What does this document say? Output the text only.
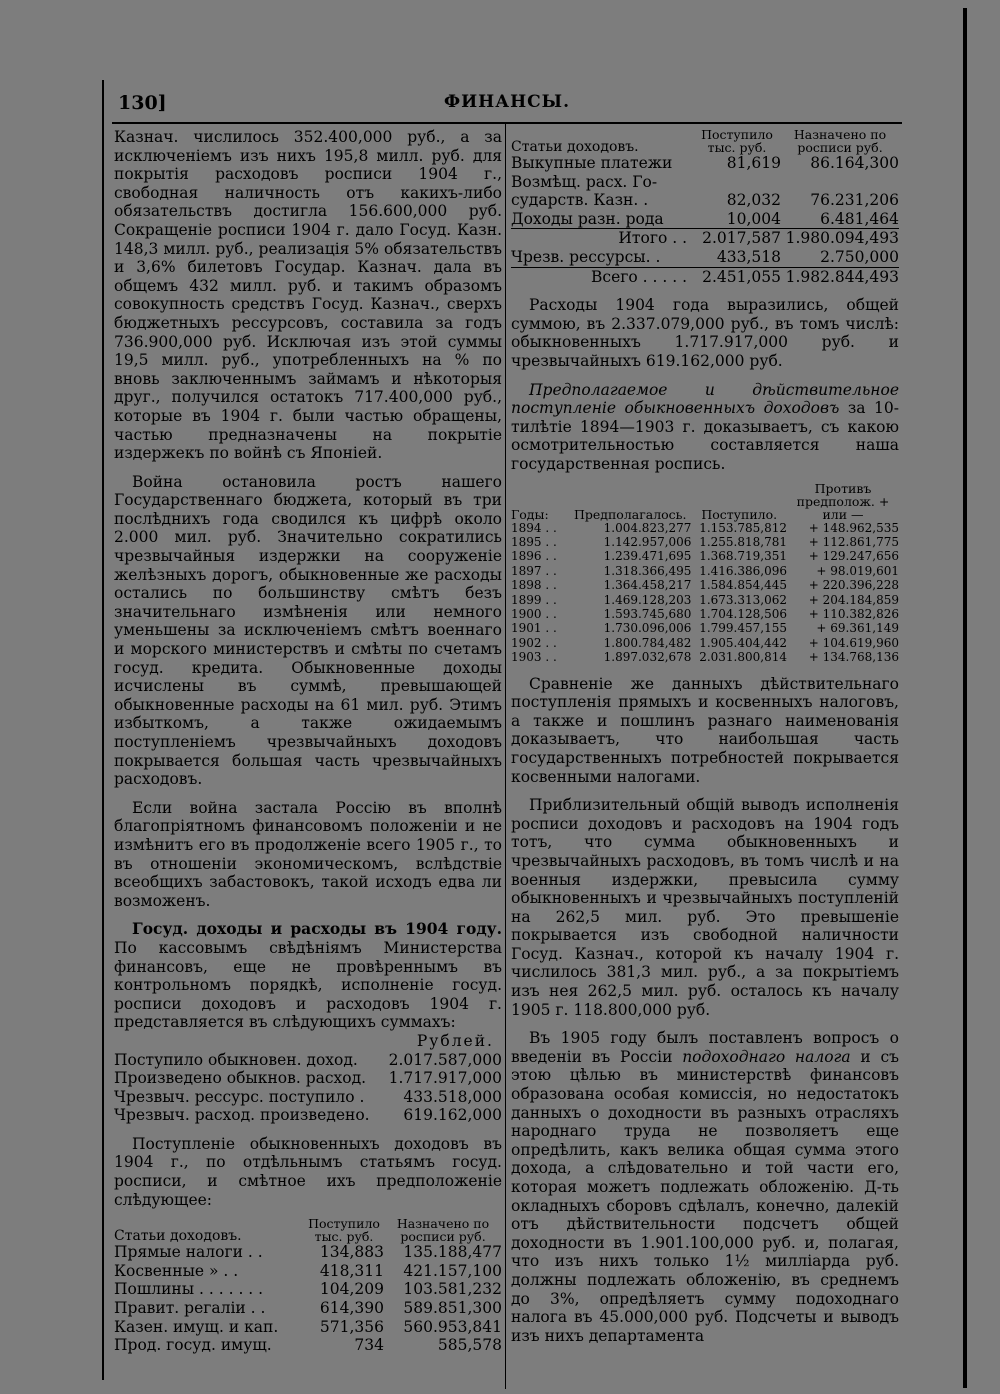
130]	ФИНАНСЫ.

Казнач. числилось 352.400,000 руб., а за исключеніемъ изъ нихъ 195,8 милл. руб. для покрытія расходовъ росписи 1904 г., свободная наличность отъ какихъ-либо обязательствъ достигла 156.600,000 руб. Сокращеніе росписи 1904 г. дало Госуд. Казн. 148,3 милл. руб., реализація 5% обязательствъ и 3,6% билетовъ Государ. Казнач. дала въ общемъ 432 милл. руб. и такимъ образомъ совокупность средствъ Госуд. Казнач., сверхъ бюджетныхъ рессурсовъ, составила за годъ 736.900,000 руб. Исключая изъ этой суммы 19,5 милл. руб., употребленныхъ на % по вновь заключеннымъ займамъ и нѣкоторыя друг., получился остатокъ 717.400,000 руб., которые въ 1904 г. были частью обращены, частью предназначены на покрытіе издержекъ по войнѣ съ Японіей.

Война остановила ростъ нашего Государственнаго бюджета, который въ три послѣднихъ года сводился къ цифрѣ около 2.000 мил. руб. Значительно сократились чрезвычайныя издержки на сооруженіе желѣзныхъ дорогъ, обыкновенные же расходы остались по большинству смѣтъ безъ значительнаго измѣненія или немного уменьшены за исключеніемъ смѣтъ военнаго и морского министерствъ и смѣты по счетамъ госуд. кредита. Обыкновенные доходы исчислены въ суммѣ, превышающей обыкновенные расходы на 61 мил. руб. Этимъ избыткомъ, а также ожидаемымъ поступленіемъ чрезвычайныхъ доходовъ покрывается большая часть чрезвычайныхъ расходовъ.

Если война застала Россію въ вполнѣ благопріятномъ финансовомъ положеніи и не измѣнитъ его въ продолженіе всего 1905 г., то въ отношеніи экономическомъ, вслѣдствіе всеобщихъ забастовокъ, такой исходъ едва ли возможенъ.

Госуд. доходы и расходы въ 1904 году. По кассовымъ свѣдѣніямъ Министерства финансовъ, еще не провѣреннымъ въ контрольномъ порядкѣ, исполненіе госуд. росписи доходовъ и расходовъ 1904 г. представляется въ слѣдующихъ суммахъ:

	Рублей.
Поступило обыкновен. доход.	2.017.587,000
Произведено обыкнов. расход.	1.717.917,000
Чрезвыч. рессурс. поступило .	433.518,000
Чрезвыч. расход. произведено.	619.162,000

Поступленіе обыкновенныхъ доходовъ въ 1904 г., по отдѣльнымъ статьямъ госуд. росписи, и смѣтное ихъ предположеніе слѣдующее:

Статьи доходовъ.	Поступило тыс. руб.	Назначено по росписи руб.
Прямые налоги . .	134,883	135.188,477
Косвенные » . .	418,311	421.157,100
Пошлины . . . . . . .	104,209	103.581,232
Правит. регаліи . .	614,390	589.851,300
Казен. имущ. и кап.	571,356	560.953,841
Прод. госуд. имущ.	734	585,578
Статьи доходовъ.	Поступило тыс. руб.	Назначено по росписи руб.
Выкупные платежи	81,619	86.164,300
Возмѣщ. расх. Го-		
сударств. Казн. .	82,032	76.231,206
Доходы разн. рода	10,004	6.481,464
Итого . .	2.017,587	1.980.094,493
Чрезв. рессурсы. .	433,518	2.750,000
Всего . . . . .	2.451,055	1.982.844,493

Расходы 1904 года выразились, общей суммою, въ 2.337.079,000 руб., въ томъ числѣ: обыкновенныхъ 1.717.917,000 руб. и чрезвычайныхъ 619.162,000 руб.

Предполагаемое и дѣйствительное поступленіе обыкновенныхъ доходовъ за 10-тилѣтіе 1894—1903 г. доказываетъ, съ какою осмотрительностью составляется наша государственная роспись.

Годы:	Предполагалось.	Поступило.	Противъ предполож. + или —
1894 . .	1.004.823,277	1.153.785,812	+ 148.962,535
1895 . .	1.142.957,006	1.255.818,781	+ 112.861,775
1896 . .	1.239.471,695	1.368.719,351	+ 129.247,656
1897 . .	1.318.366,495	1.416.386,096	+ 98.019,601
1898 . .	1.364.458,217	1.584.854,445	+ 220.396,228
1899 . .	1.469.128,203	1.673.313,062	+ 204.184,859
1900 . .	1.593.745,680	1.704.128,506	+ 110.382,826
1901 . .	1.730.096,006	1.799.457,155	+ 69.361,149
1902 . .	1.800.784,482	1.905.404,442	+ 104.619,960
1903 . .	1.897.032,678	2.031.800,814	+ 134.768,136

Сравненіе же данныхъ дѣйствительнаго поступленія прямыхъ и косвенныхъ налоговъ, а также и пошлинъ разнаго наименованія доказываетъ, что наибольшая часть государственныхъ потребностей покрывается косвенными налогами.

Приблизительный общій выводъ исполненія росписи доходовъ и расходовъ на 1904 годъ тотъ, что сумма обыкновенныхъ и чрезвычайныхъ расходовъ, въ томъ числѣ и на военныя издержки, превысила сумму обыкновенныхъ и чрезвычайныхъ поступленій на 262,5 мил. руб. Это превышеніе покрывается изъ свободной наличности Госуд. Казнач., которой къ началу 1904 г. числилось 381,3 мил. руб., а за покрытіемъ изъ нея 262,5 мил. руб. осталось къ началу 1905 г. 118.800,000 руб.

Въ 1905 году былъ поставленъ вопросъ о введеніи въ Россіи подоходнаго налога и съ этою цѣлью въ министерствѣ финансовъ образована особая комиссія, но недостатокъ данныхъ о доходности въ разныхъ отрасляхъ народнаго труда не позволяетъ еще опредѣлить, какъ велика общая сумма этого дохода, а слѣдовательно и той части его, которая можетъ подлежать обложенію. Д-ть окладныхъ сборовъ сдѣлалъ, конечно, далекій отъ дѣйствительности подсчетъ общей доходности въ 1.901.100,000 руб. и, полагая, что изъ нихъ только 1½ милліарда руб. должны подлежать обложенію, въ среднемъ до 3%, опредѣляетъ сумму подоходнаго налога въ 45.000,000 руб. Подсчеты и выводъ изъ нихъ департамента
